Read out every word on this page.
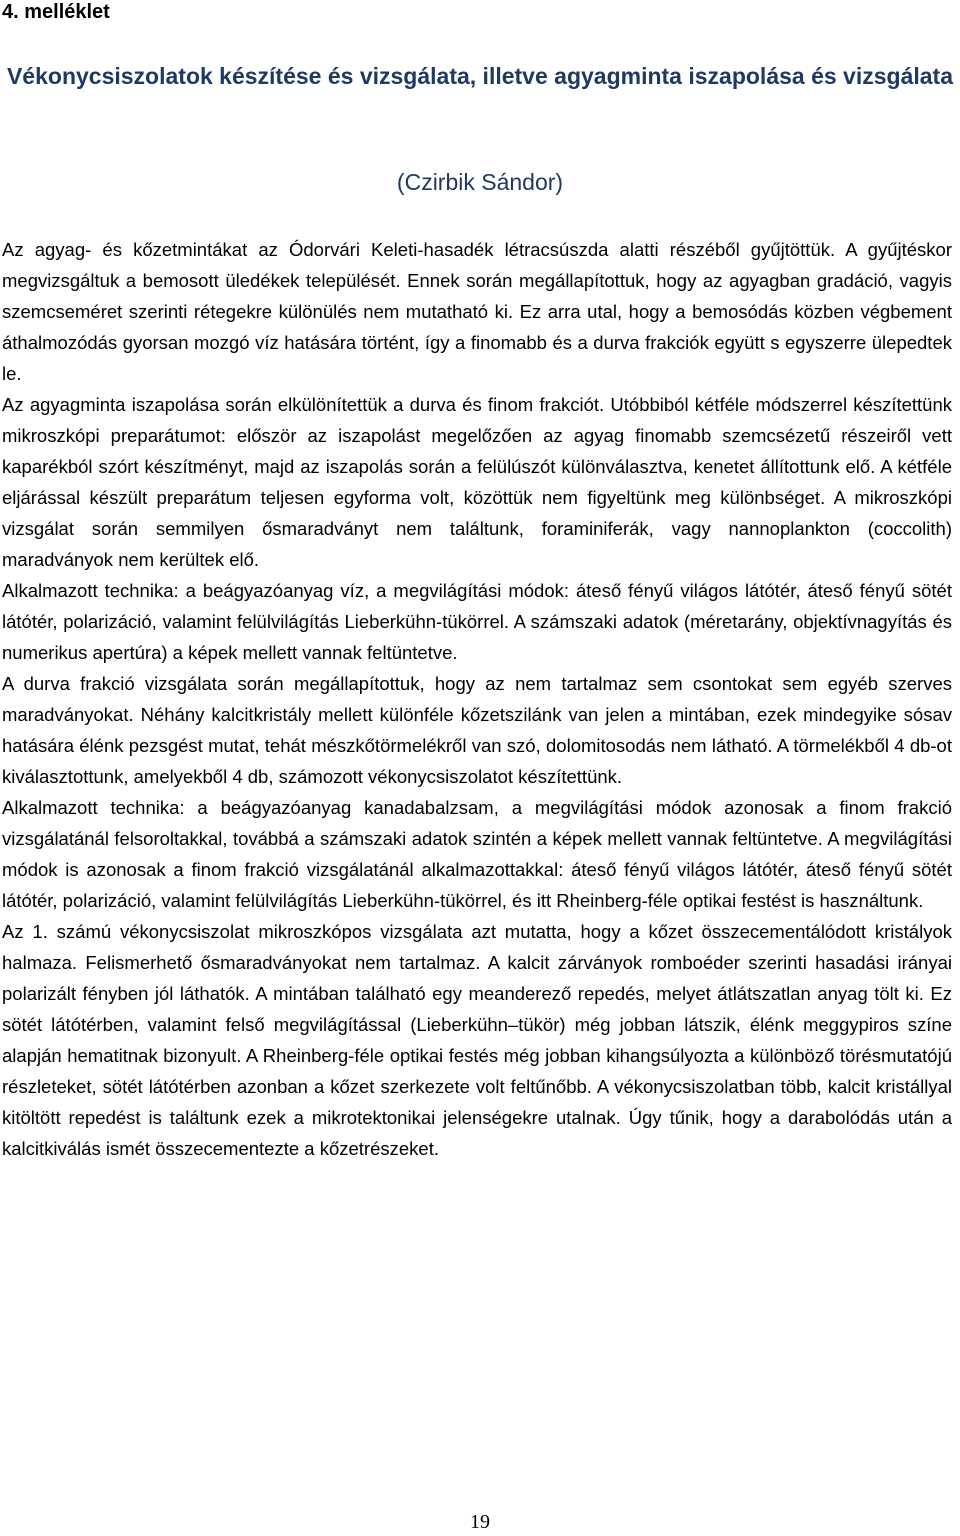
4. melléklet
Vékonycsiszolatok készítése és vizsgálata, illetve agyagminta iszapolása és vizsgálata
(Czirbik Sándor)

Az agyag- és kőzetmintákat az Ódorvári Keleti-hasadék létracsúszda alatti részéből gyűjtöttük. A gyűjtéskor megvizsgáltuk a bemosott üledékek települését. Ennek során megállapítottuk, hogy az agyagban gradáció, vagyis szemcseméret szerinti rétegekre különülés nem mutatható ki. Ez arra utal, hogy a bemosódás közben végbement áthalmozódás gyorsan mozgó víz hatására történt, így a finomabb és a durva frakciók együtt s egyszerre ülepedtek le.

Az agyagminta iszapolása során elkülönítettük a durva és finom frakciót. Utóbbiból kétféle módszerrel készítettünk mikroszkópi preparátumot: először az iszapolást megelőzően az agyag finomabb szemcsézetű részeiről vett kaparékból szórt készítményt, majd az iszapolás során a felülúszót különválasztva, kenetet állítottunk elő. A kétféle eljárással készült preparátum teljesen egyforma volt, közöttük nem figyeltünk meg különbséget. A mikroszkópi vizsgálat során semmilyen ősmaradványt nem találtunk, foraminiferák, vagy nannoplankton (coccolith) maradványok nem kerültek elő.

Alkalmazott technika: a beágyazóanyag víz, a megvilágítási módok: áteső fényű világos látótér, áteső fényű sötét látótér, polarizáció, valamint felülvilágítás Lieberkühn-tükörrel. A számszaki adatok (méretarány, objektívnagyítás és numerikus apertúra) a képek mellett vannak feltüntetve.

A durva frakció vizsgálata során megállapítottuk, hogy az nem tartalmaz sem csontokat sem egyéb szerves maradványokat. Néhány kalcitkristály mellett különféle kőzetszilánk van jelen a mintában, ezek mindegyike sósav hatására élénk pezsgést mutat, tehát mészkőtörmelékről van szó, dolomitosodás nem látható. A törmelékből 4 db-ot kiválasztottunk, amelyekből 4 db, számozott vékonycsiszolatot készítettünk.

Alkalmazott technika: a beágyazóanyag kanadabalzsam, a megvilágítási módok azonosak a finom frakció vizsgálatánál felsoroltakkal, továbbá a számszaki adatok szintén a képek mellett vannak feltüntetve. A megvilágítási módok is azonosak a finom frakció vizsgálatánál alkalmazottakkal: áteső fényű világos látótér, áteső fényű sötét látótér, polarizáció, valamint felülvilágítás Lieberkühn-tükörrel, és itt Rheinberg-féle optikai festést is használtunk.

Az 1. számú vékonycsiszolat mikroszkópos vizsgálata azt mutatta, hogy a kőzet összecementálódott kristályok halmaza. Felismerhető ősmaradványokat nem tartalmaz. A kalcit zárványok romboéder szerinti hasadási irányai polarizált fényben jól láthatók. A mintában található egy meanderező repedés, melyet átlátszatlan anyag tölt ki. Ez sötét látótérben, valamint felső megvilágítással (Lieberkühn–tükör) még jobban látszik, élénk meggypiros színe alapján hematitnak bizonyult. A Rheinberg-féle optikai festés még jobban kihangsúlyozta a különböző törésmutatójú részleteket, sötét látótérben azonban a kőzet szerkezete volt feltűnőbb. A vékonycsiszolatban több, kalcit kristállyal kitöltött repedést is találtunk ezek a mikrotektonikai jelenségekre utalnak. Úgy tűnik, hogy a darabolódás után a kalcitkiválás ismét összecementezte a kőzetrészeket.

19
